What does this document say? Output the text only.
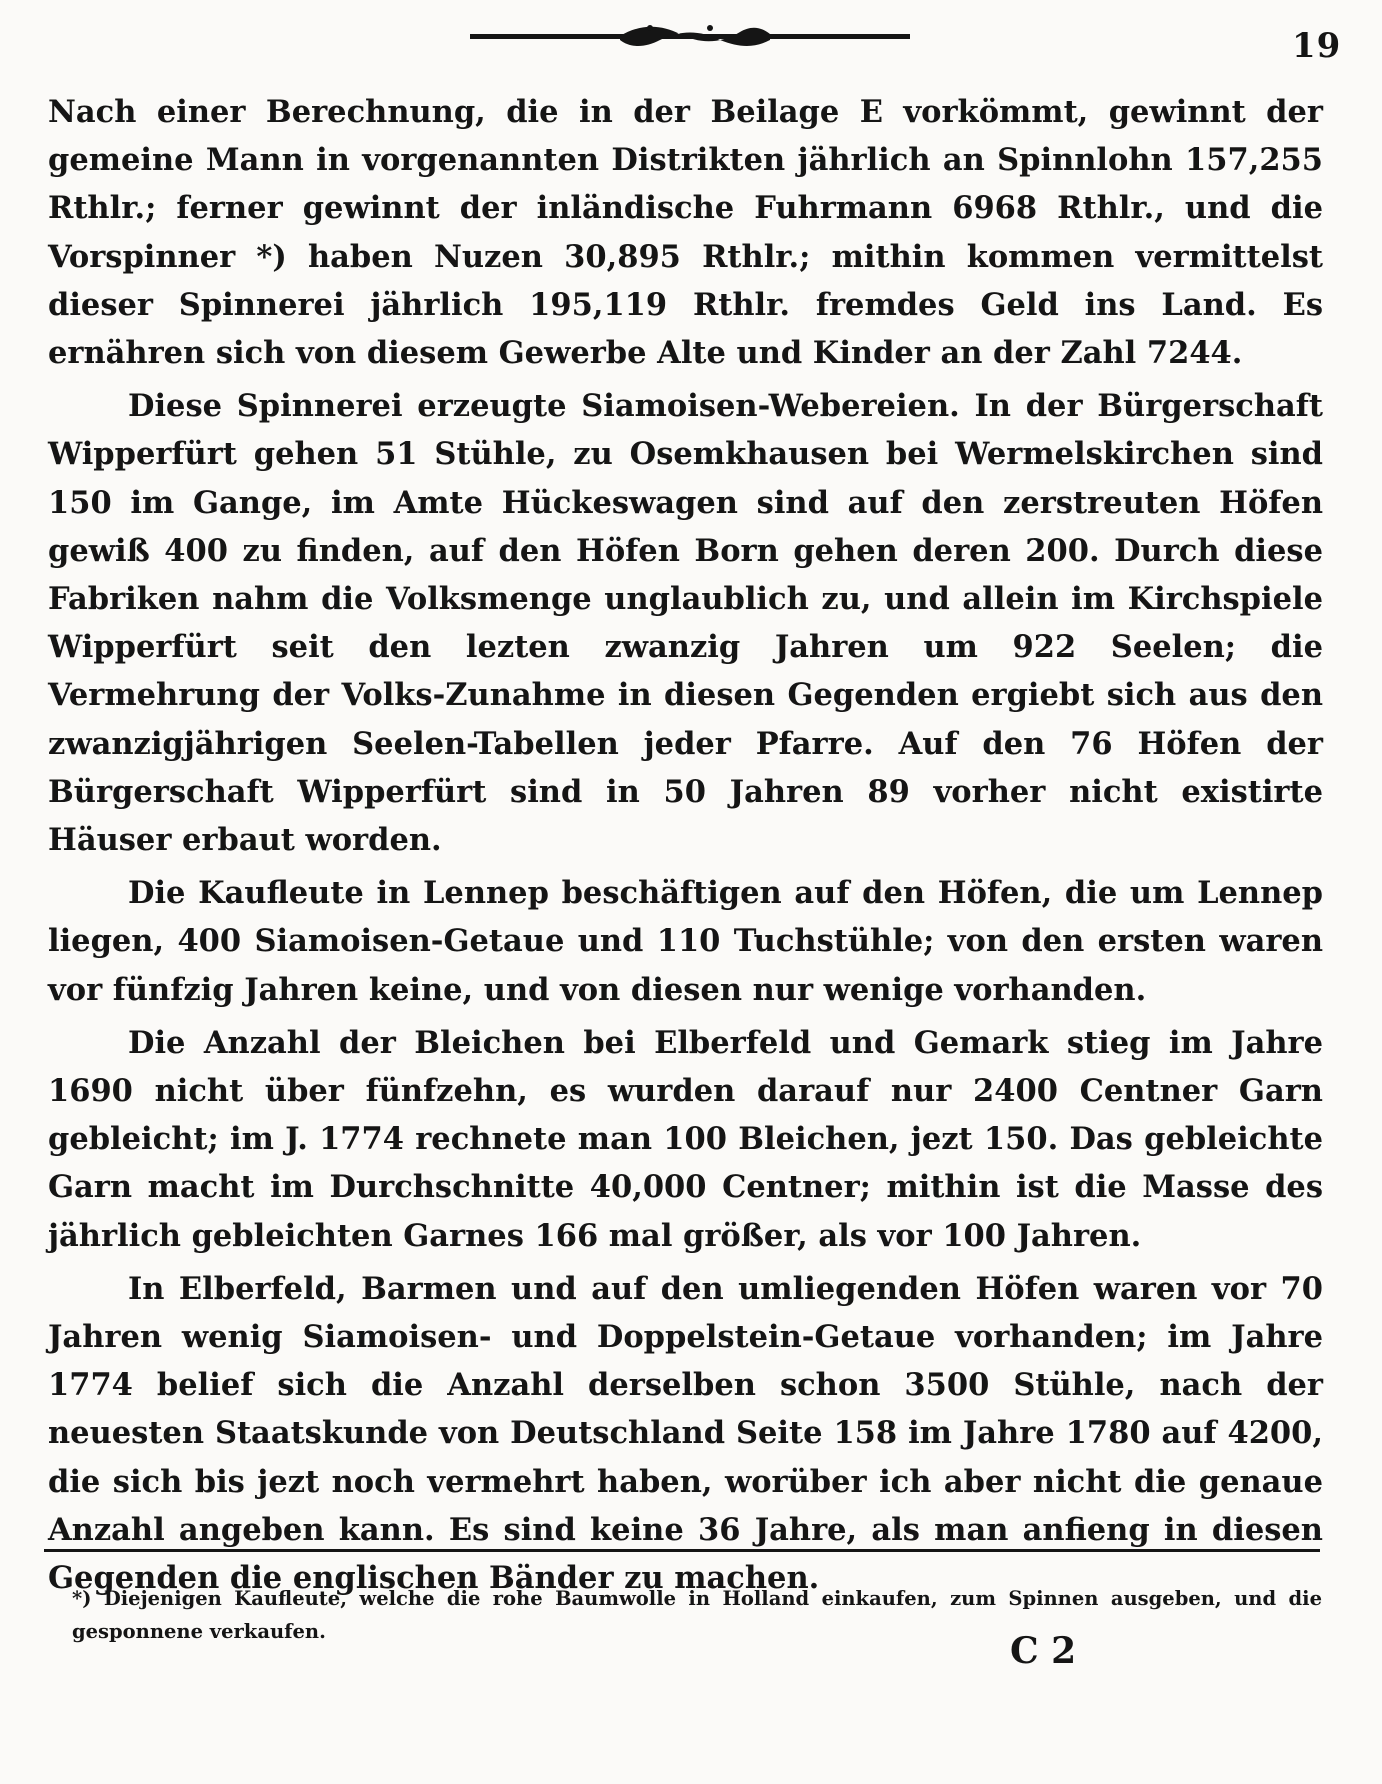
19

Nach einer Berechnung, die in der Beilage E vorkömmt, gewinnt der gemeine Mann in vorgenannten Distrikten jährlich an Spinnlohn 157,255 Rthlr.; ferner gewinnt der inländische Fuhrmann 6968 Rthlr., und die Vorspinner *) haben Nuzen 30,895 Rthlr.; mithin kommen vermittelst dieser Spinnerei jährlich 195,119 Rthlr. fremdes Geld ins Land. Es ernähren sich von diesem Gewerbe Alte und Kinder an der Zahl 7244.

Diese Spinnerei erzeugte Siamoisen-Webereien. In der Bürgerschaft Wipperfürt gehen 51 Stühle, zu Osemkhausen bei Wermelskirchen sind 150 im Gange, im Amte Hückeswagen sind auf den zerstreuten Höfen gewiß 400 zu finden, auf den Höfen Born gehen deren 200. Durch diese Fabriken nahm die Volksmenge unglaublich zu, und allein im Kirchspiele Wipperfürt seit den lezten zwanzig Jahren um 922 Seelen; die Vermehrung der Volks-Zunahme in diesen Gegenden ergiebt sich aus den zwanzigjährigen Seelen-Tabellen jeder Pfarre. Auf den 76 Höfen der Bürgerschaft Wipperfürt sind in 50 Jahren 89 vorher nicht existirte Häuser erbaut worden.

Die Kaufleute in Lennep beschäftigen auf den Höfen, die um Lennep liegen, 400 Siamoisen-Getaue und 110 Tuchstühle; von den ersten waren vor fünfzig Jahren keine, und von diesen nur wenige vorhanden.

Die Anzahl der Bleichen bei Elberfeld und Gemark stieg im Jahre 1690 nicht über fünfzehn, es wurden darauf nur 2400 Centner Garn gebleicht; im J. 1774 rechnete man 100 Bleichen, jezt 150. Das gebleichte Garn macht im Durchschnitte 40,000 Centner; mithin ist die Masse des jährlich gebleichten Garnes 166 mal größer, als vor 100 Jahren.

In Elberfeld, Barmen und auf den umliegenden Höfen waren vor 70 Jahren wenig Siamoisen- und Doppelstein-Getaue vorhanden; im Jahre 1774 belief sich die Anzahl derselben schon 3500 Stühle, nach der neuesten Staatskunde von Deutschland Seite 158 im Jahre 1780 auf 4200, die sich bis jezt noch vermehrt haben, worüber ich aber nicht die genaue Anzahl angeben kann. Es sind keine 36 Jahre, als man anfieng in diesen Gegenden die englischen Bänder zu machen.

*) Diejenigen Kaufleute, welche die rohe Baumwolle in Holland einkaufen, zum Spinnen ausgeben, und die gesponnene verkaufen.	C 2
